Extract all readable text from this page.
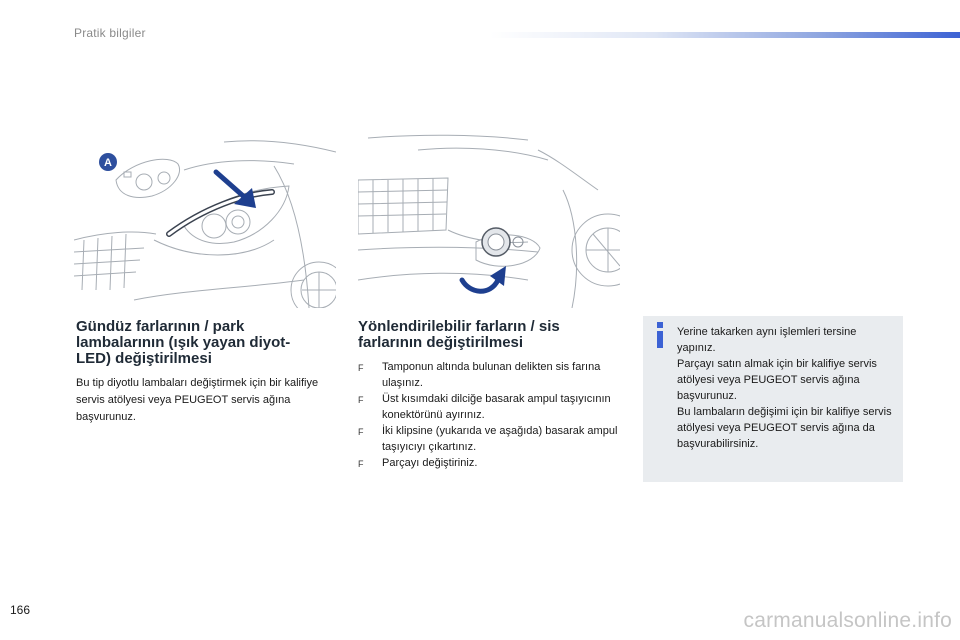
Pratik bilgiler
A
Gündüz farlarının / park lambalarının (ışık yayan diyot-LED) değiştirilmesi
Bu tip diyotlu lambaları değiştirmek için bir kalifiye servis atölyesi veya PEUGEOT servis ağına başvurunuz.
Yönlendirilebilir farların / sis farlarının değiştirilmesi
F	Tamponun altında bulunan delikten sis farına ulaşınız.
F	Üst kısımdaki dilciğe basarak ampul taşıyıcının konektörünü ayırınız.
F	İki klipsine (yukarıda ve aşağıda) basarak ampul taşıyıcıyı çıkartınız.
F	Parçayı değiştiriniz.

Yerine takarken aynı işlemleri tersine yapınız.

Parçayı satın almak için bir kalifiye servis atölyesi veya PEUGEOT servis ağına başvurunuz.

Bu lambaların değişimi için bir kalifiye servis atölyesi veya PEUGEOT servis ağına da başvurabilirsiniz.

166	carmanualsonline.info
